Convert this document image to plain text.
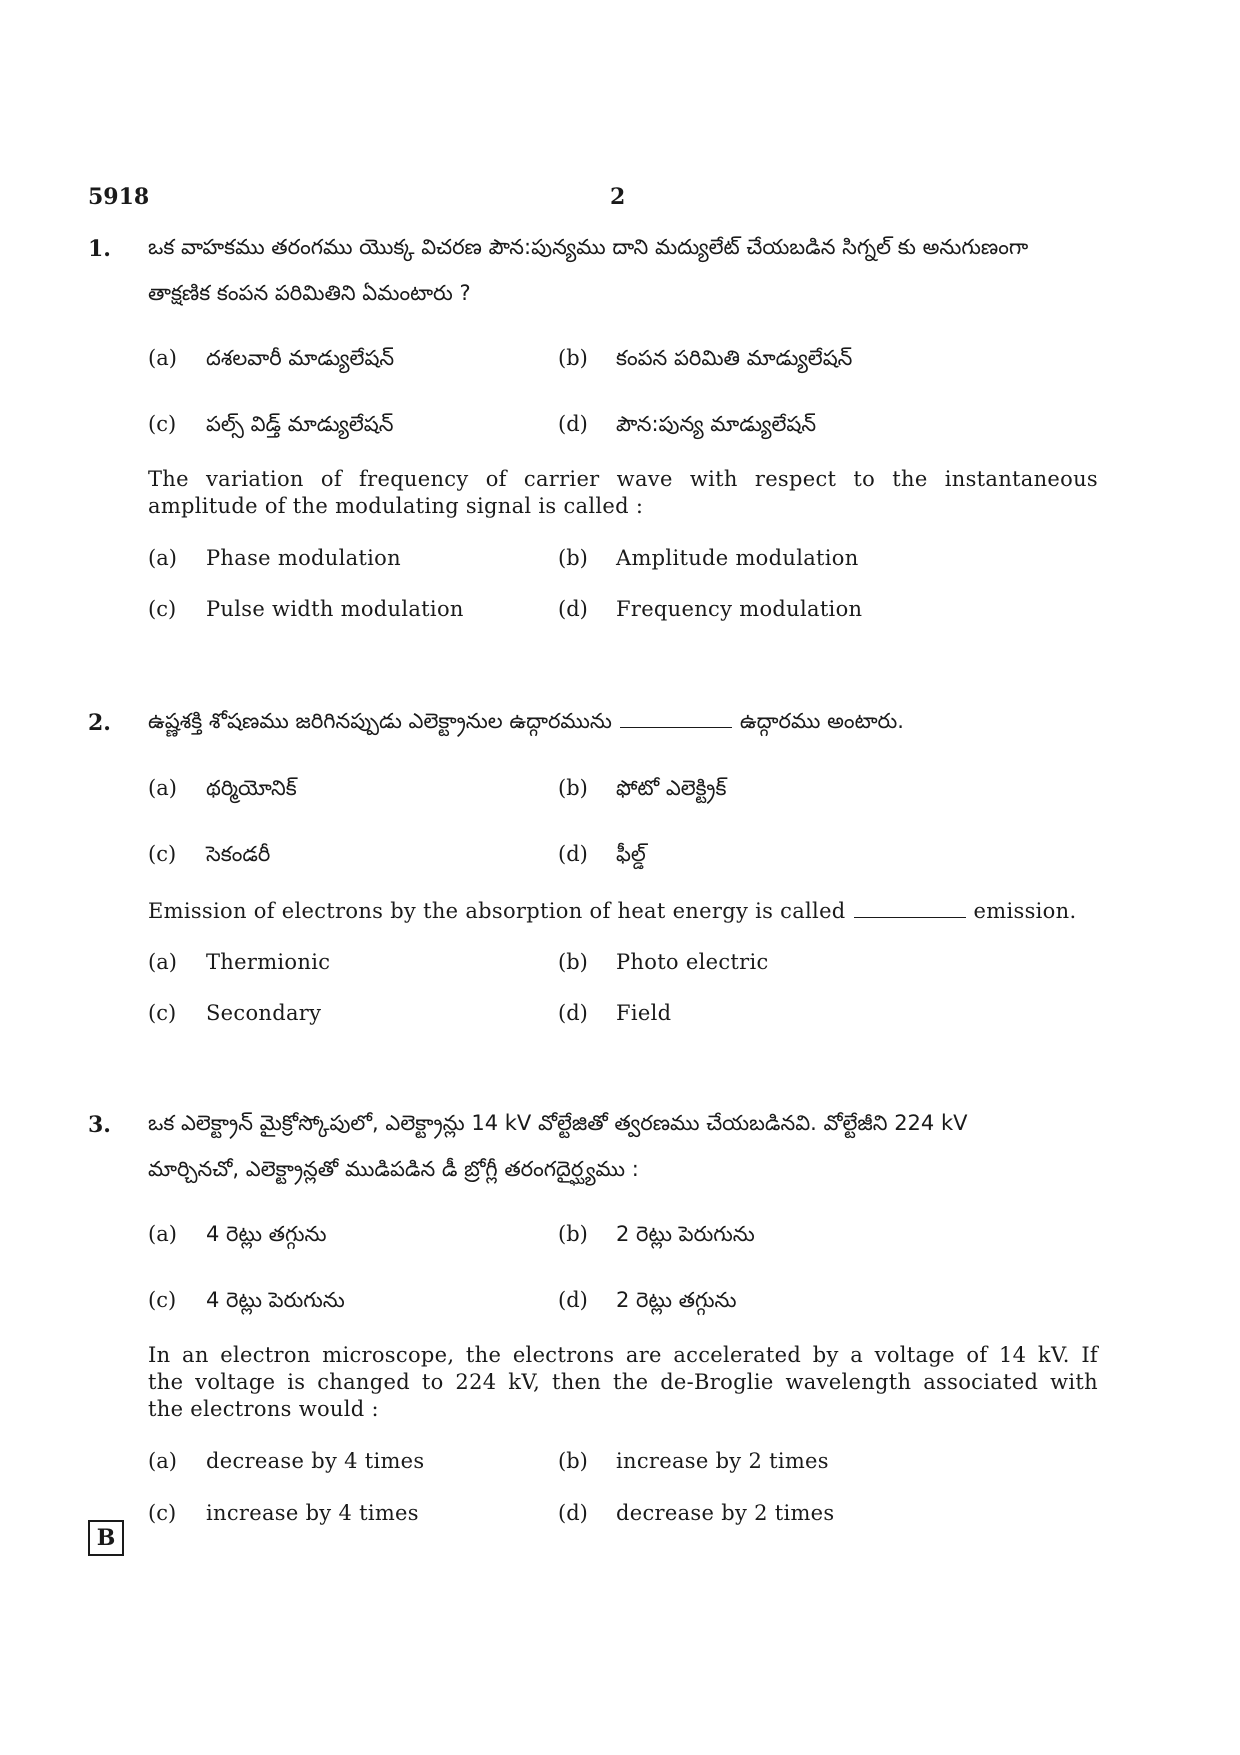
5918	2
1. ఒక వాహకము తరంగము యొక్క విచరణ పౌన:పున్యము దాని మద్యులేట్ చేయబడిన సిగ్నల్ కు అనుగుణంగా
తాక్షణిక కంపన పరిమితిని ఏమంటారు ?
(a) దశలవారీ మాడ్యులేషన్	(b) కంపన పరిమితి మాడ్యులేషన్
(c) పల్స్ విడ్త్ మాడ్యులేషన్	(d) పౌన:పున్య మాడ్యులేషన్
The variation of frequency of carrier wave with respect to the instantaneous
amplitude of the modulating signal is called :
(a) Phase modulation	(b) Amplitude modulation
(c) Pulse width modulation	(d) Frequency modulation
2. ఉష్ణశక్తి శోషణము జరిగినప్పుడు ఎలెక్ట్రానుల ఉద్గారమును	ఉద్గారము అంటారు.
(a) థర్మియోనిక్	(b) ఫోటో ఎలెక్ట్రిక్
(c) సెకండరీ	(d) ఫీల్డ్
Emission of electrons by the absorption of heat energy is called	emission.
(a) Thermionic	(b) Photo electric
(c) Secondary	(d) Field
3. ఒక ఎలెక్ట్రాన్ మైక్రోస్కోపులో, ఎలెక్ట్రాన్లు 14 kV వోల్టేజితో త్వరణము చేయబడినవి. వోల్టేజీని 224 kV
మార్చినచో, ఎలెక్ట్రాన్లతో ముడిపడిన డీ బ్రోగ్లీ తరంగదైర్ఘ్యము :
(a) 4 రెట్లు తగ్గును	(b) 2 రెట్లు పెరుగును
(c) 4 రెట్లు పెరుగును	(d) 2 రెట్లు తగ్గును
In an electron microscope, the electrons are accelerated by a voltage of 14 kV. If
the voltage is changed to 224 kV, then the de-Broglie wavelength associated with
the electrons would :
(a) decrease by 4 times	(b) increase by 2 times
(c) increase by 4 times	(d) decrease by 2 times
B
